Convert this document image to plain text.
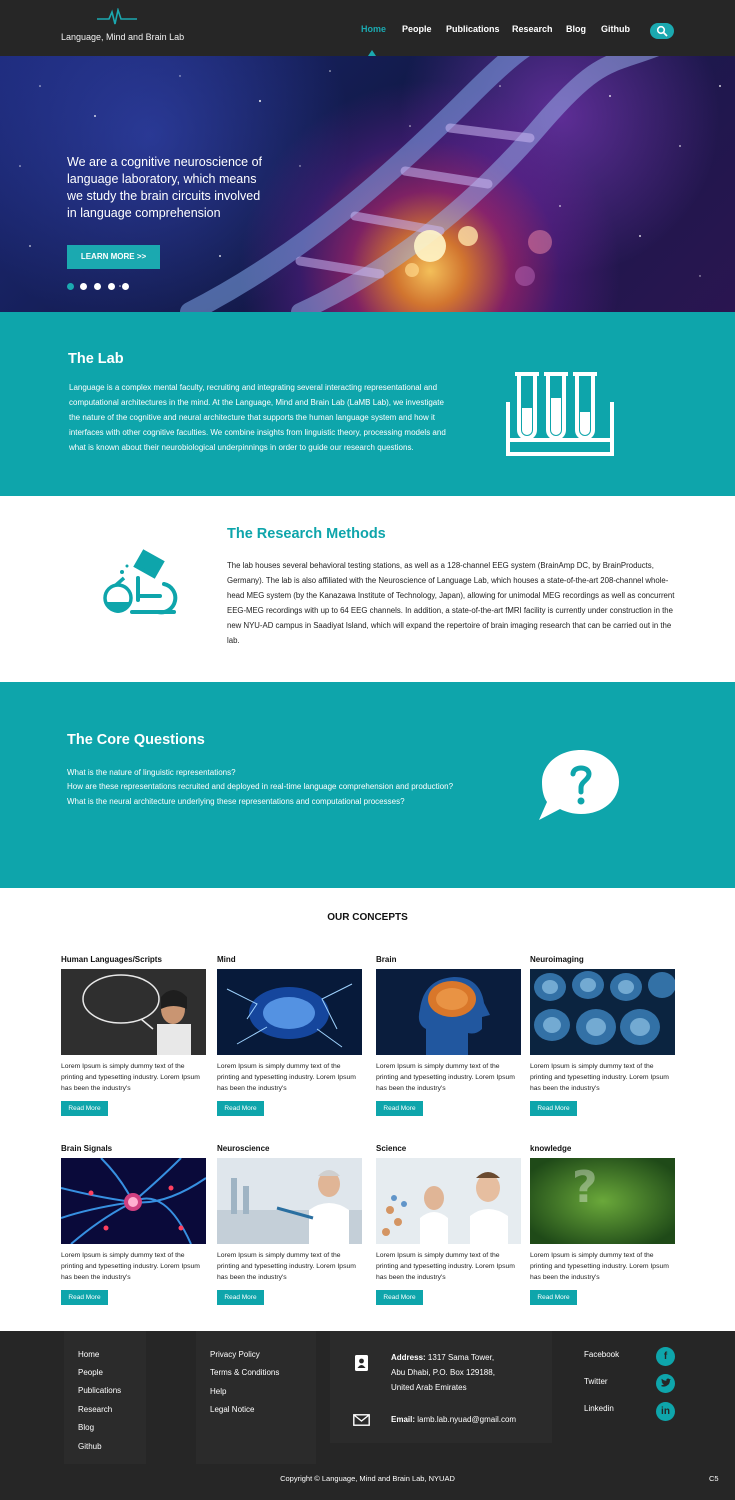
Language, Mind and Brain Lab
Home People Publications Research Blog Github
We are a cognitive neuroscience of language laboratory, which means we study the brain circuits involved in language comprehension
LEARN MORE >>
The Lab
Language is a complex mental faculty, recruiting and integrating several interacting representational and computational architectures in the mind. At the Language, Mind and Brain Lab (LaMB Lab), we investigate the nature of the cognitive and neural architecture that supports the human language system and how it interfaces with other cognitive faculties. We combine insights from linguistic theory, processing models and what is known about their neurobiological underpinnings in order to guide our research questions.
The Research Methods
The lab houses several behavioral testing stations, as well as a 128-channel EEG system (BrainAmp DC, by BrainProducts, Germany). The lab is also affiliated with the Neuroscience of Language Lab, which houses a state-of-the-art 208-channel whole-head MEG system (by the Kanazawa Institute of Technology, Japan), allowing for unimodal MEG recordings as well as concurrent EEG-MEG recordings with up to 64 EEG channels. In addition, a state-of-the-art fMRI facility is currently under construction in the new NYU-AD campus in Saadiyat Island, which will expand the repertoire of brain imaging research that can be carried out in the lab.
The Core Questions
What is the nature of linguistic representations?
How are these representations recruited and deployed in real-time language comprehension and production?
What is the neural architecture underlying these representations and computational processes?
OUR CONCEPTS
Human Languages/Scripts
Lorem Ipsum is simply dummy text of the printing and typesetting industry. Lorem Ipsum has been the industry's
Read More
Mind
Lorem Ipsum is simply dummy text of the printing and typesetting industry. Lorem Ipsum has been the industry's
Read More
Brain
Lorem Ipsum is simply dummy text of the printing and typesetting industry. Lorem Ipsum has been the industry's
Read More
Neuroimaging
Lorem Ipsum is simply dummy text of the printing and typesetting industry. Lorem Ipsum has been the industry's
Read More
Brain Signals
Lorem Ipsum is simply dummy text of the printing and typesetting industry. Lorem Ipsum has been the industry's
Read More
Neuroscience
Lorem Ipsum is simply dummy text of the printing and typesetting industry. Lorem Ipsum has been the industry's
Read More
Science
Lorem Ipsum is simply dummy text of the printing and typesetting industry. Lorem Ipsum has been the industry's
Read More
knowledge
?
Lorem Ipsum is simply dummy text of the printing and typesetting industry. Lorem Ipsum has been the industry's
Read More
Home
People
Publications
Research
Blog
Github
Privacy Policy
Terms & Conditions
Help
Legal Notice
Address: 1317 Sama Tower,
Abu Dhabi, P.O. Box 129188,
United Arab Emirates
Email: lamb.lab.nyuad@gmail.com
Facebook
Twitter
Linkedin
f
in
Copyright © Language, Mind and Brain Lab, NYUAD	C5
